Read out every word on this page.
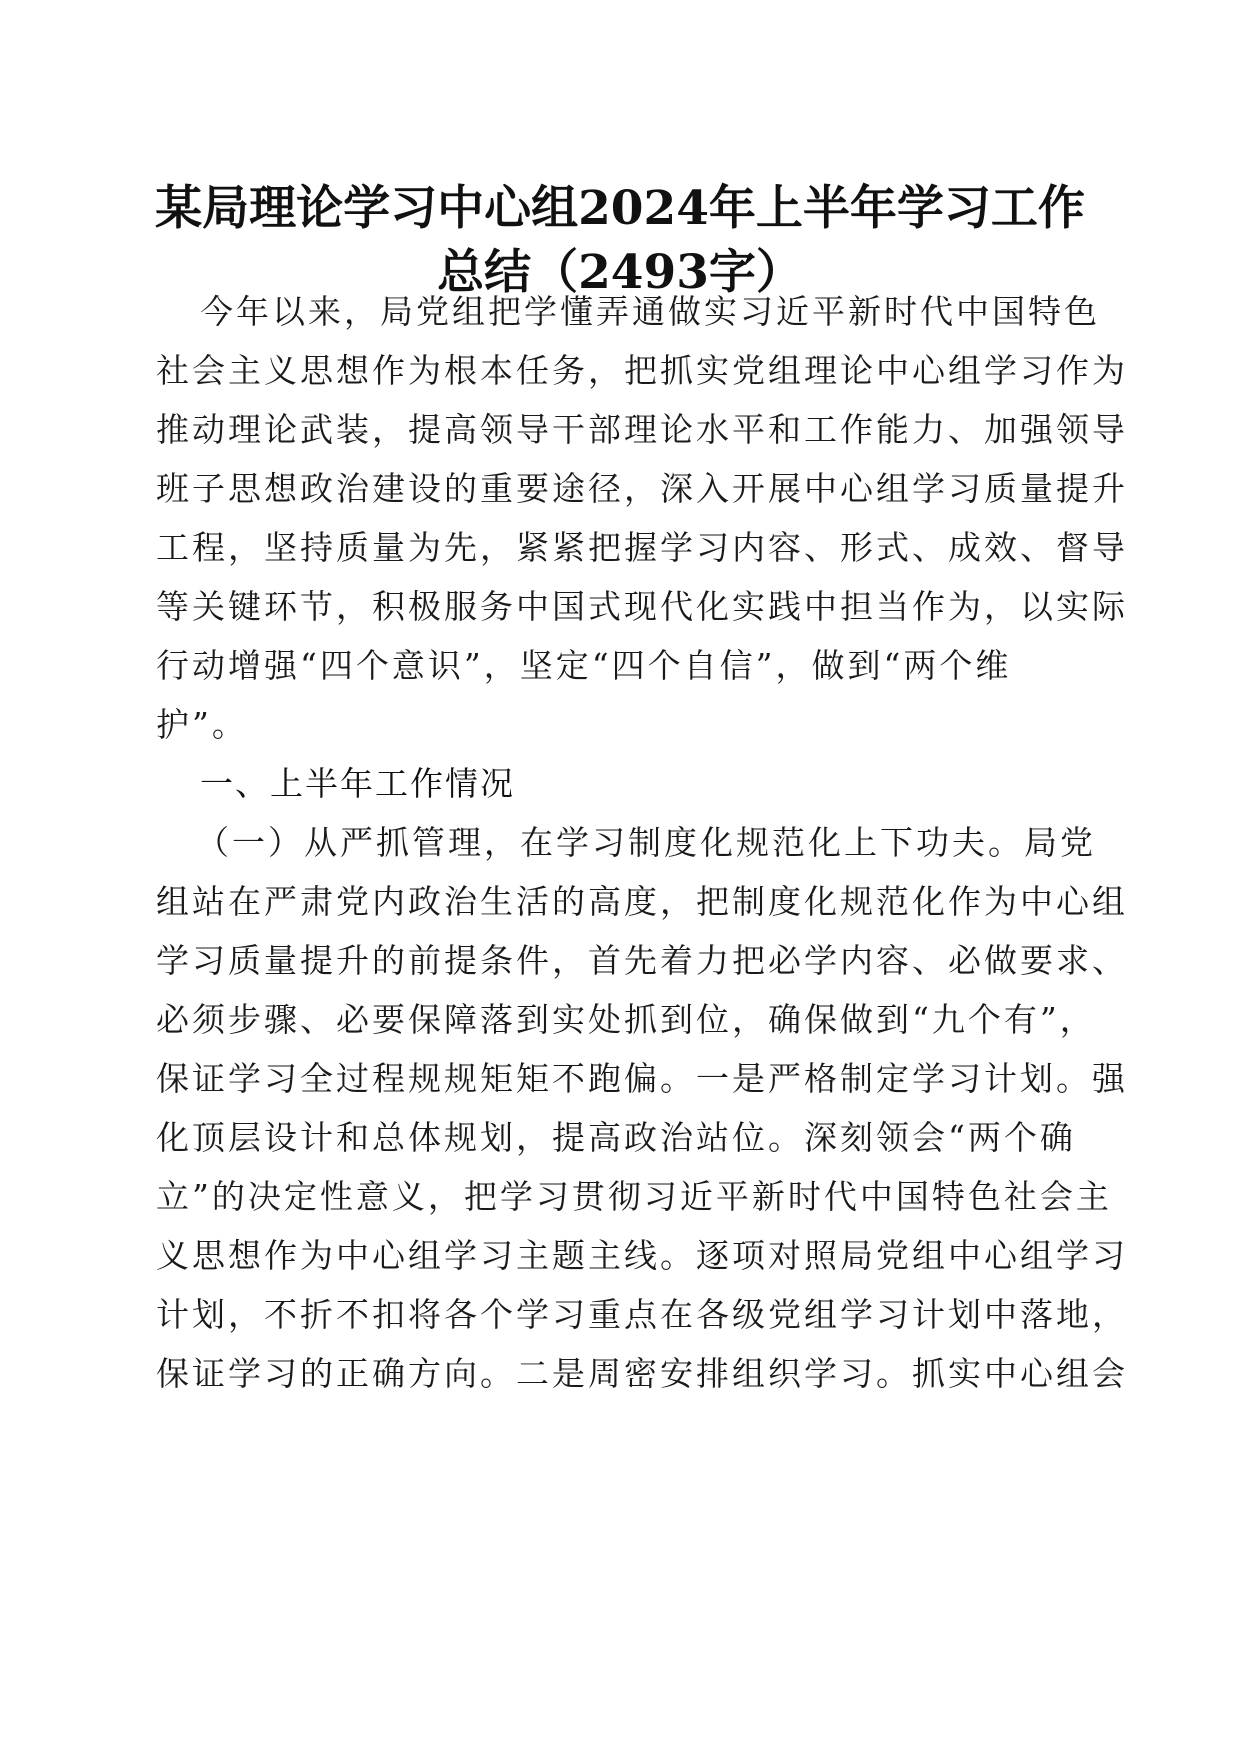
某局理论学习中心组2024年上半年学习工作
总结（2493字）
今年以来，局党组把学懂弄通做实习近平新时代中国特色
社会主义思想作为根本任务，把抓实党组理论中心组学习作为
推动理论武装，提高领导干部理论水平和工作能力、加强领导
班子思想政治建设的重要途径，深入开展中心组学习质量提升
工程，坚持质量为先，紧紧把握学习内容、形式、成效、督导
等关键环节，积极服务中国式现代化实践中担当作为，以实际
行动增强“四个意识”，坚定“四个自信”，做到“两个维
护”。
一、上半年工作情况
（一）从严抓管理，在学习制度化规范化上下功夫。局党
组站在严肃党内政治生活的高度，把制度化规范化作为中心组
学习质量提升的前提条件，首先着力把必学内容、必做要求、
必须步骤、必要保障落到实处抓到位，确保做到“九个有”，
保证学习全过程规规矩矩不跑偏。一是严格制定学习计划。强
化顶层设计和总体规划，提高政治站位。深刻领会“两个确
立”的决定性意义，把学习贯彻习近平新时代中国特色社会主
义思想作为中心组学习主题主线。逐项对照局党组中心组学习
计划，不折不扣将各个学习重点在各级党组学习计划中落地，
保证学习的正确方向。二是周密安排组织学习。抓实中心组会
